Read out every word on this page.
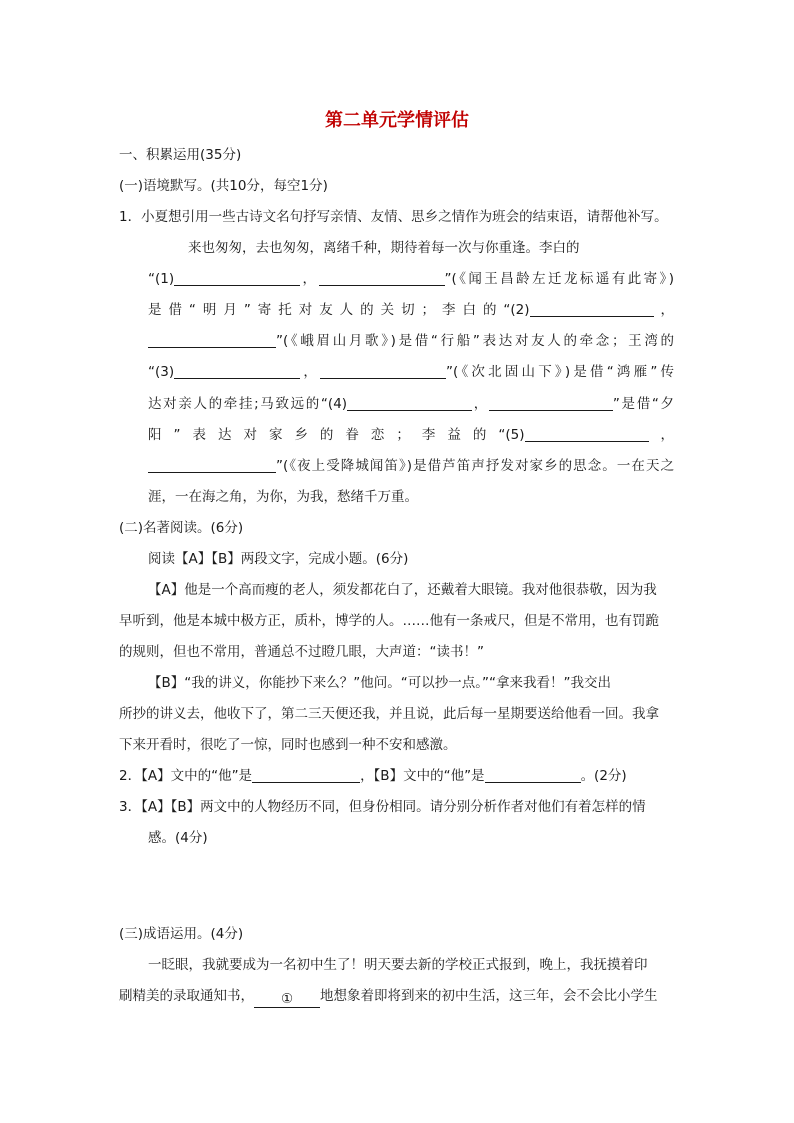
第二单元学情评估
一、积累运用(35分)
(一)语境默写。(共10分，每空1分)
1．小夏想引用一些古诗文名句抒写亲情、友情、思乡之情作为班会的结束语，请帮他补写。
来也匆匆，去也匆匆，离绪千种，期待着每一次与你重逢。李白的
“(1)	，	”(《闻王昌龄左迁龙标遥有此寄》)
是借“明月”寄托对友人的关切；李白的“(2)	，
”(《峨眉山月歌》)是借“行船”表达对友人的牵念；王湾的
“(3)	，	”(《次北固山下》)是借“鸿雁”传
达对亲人的牵挂;马致远的“(4)	，	”是借“夕
阳”表达对家乡的眷恋；李益的“(5)	，
”(《夜上受降城闻笛》)是借芦笛声抒发对家乡的思念。一在天之
涯，一在海之角，为你，为我，愁绪千万重。
(二)名著阅读。(6分)
阅读【A】【B】两段文字，完成小题。(6分)
【A】他是一个高而瘦的老人，须发都花白了，还戴着大眼镜。我对他很恭敬，因为我
早听到，他是本城中极方正，质朴，博学的人。……他有一条戒尺，但是不常用，也有罚跪
的规则，但也不常用，普通总不过瞪几眼，大声道：“读书！”
【B】“我的讲义，你能抄下来么？”他问。“可以抄一点。”“拿来我看！”我交出
所抄的讲义去，他收下了，第二三天便还我，并且说，此后每一星期要送给他看一回。我拿
下来开看时，很吃了一惊，同时也感到一种不安和感激。
2．【A】文中的“他”是	，【B】文中的“他”是	。(2分)
3．【A】【B】两文中的人物经历不同，但身份相同。请分别分析作者对他们有着怎样的情
感。(4分)
(三)成语运用。(4分)
一眨眼，我就要成为一名初中生了！明天要去新的学校正式报到，晚上，我抚摸着印
刷精美的录取通知书， ① 地想象着即将到来的初中生活，这三年，会不会比小学生
